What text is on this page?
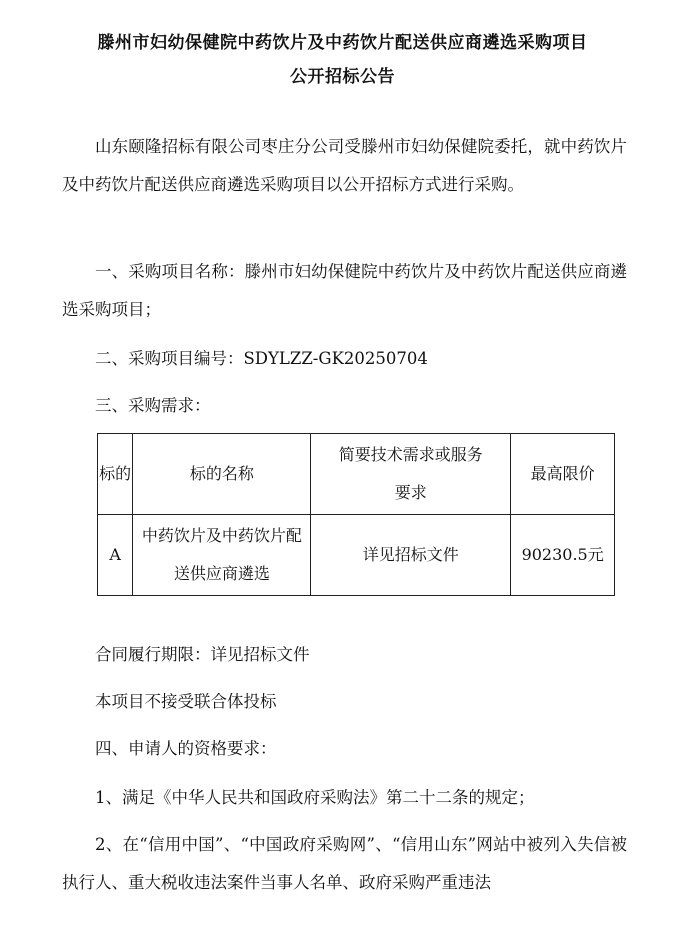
滕州市妇幼保健院中药饮片及中药饮片配送供应商遴选采购项目
公开招标公告

山东颐隆招标有限公司枣庄分公司受滕州市妇幼保健院委托，就中药饮片及中药饮片配送供应商遴选采购项目以公开招标方式进行采购。

一、采购项目名称：滕州市妇幼保健院中药饮片及中药饮片配送供应商遴选采购项目；

二、采购项目编号：SDYLZZ-GK20250704
三、采购需求：
标的	标的名称	简要技术需求或服务要求	最高限价
A	中药饮片及中药饮片配送供应商遴选	详见招标文件	90230.5元
合同履行期限：详见招标文件
本项目不接受联合体投标
四、申请人的资格要求：
1、满足《中华人民共和国政府采购法》第二十二条的规定；

2、在“信用中国”、“中国政府采购网”、“信用山东”网站中被列入失信被执行人、重大税收违法案件当事人名单、政府采购严重违法
